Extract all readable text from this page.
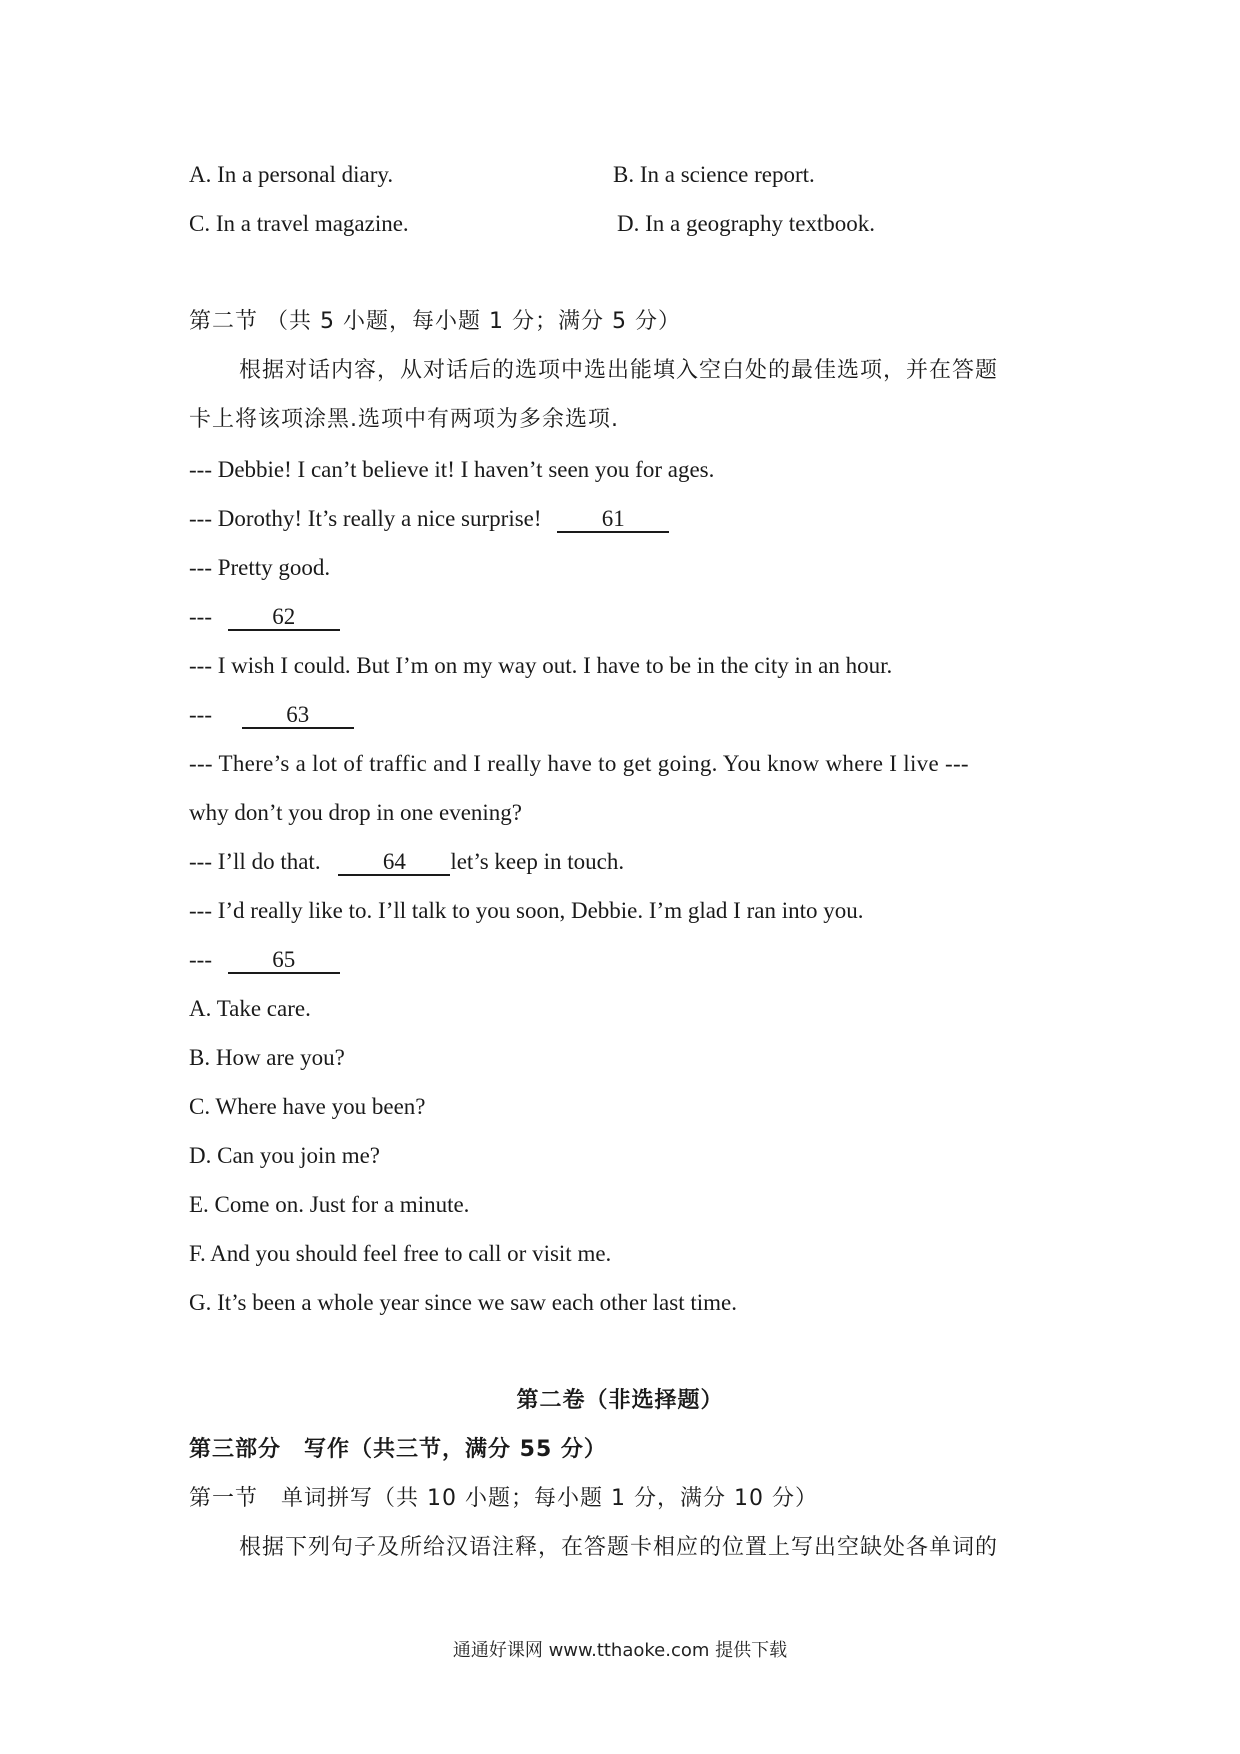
A. In a personal diary.	B. In a science report.
C. In a travel magazine.	D. In a geography textbook.
第二节 （共 5 小题，每小题 1 分；满分 5 分）
根据对话内容，从对话后的选项中选出能填入空白处的最佳选项，并在答题
卡上将该项涂黑.选项中有两项为多余选项.
--- Debbie! I can’t believe it! I haven’t seen you for ages.
--- Dorothy! It’s really a nice surprise!	61
--- Pretty good.
---	62
--- I wish I could. But I’m on my way out. I have to be in the city in an hour.
---	63
--- There’s a lot of traffic and I really have to get going. You know where I live ---
why don’t you drop in one evening?
--- I’ll do that.	64 let’s keep in touch.
--- I’d really like to. I’ll talk to you soon, Debbie. I’m glad I ran into you.
---	65
A. Take care.
B. How are you?
C. Where have you been?
D. Can you join me?
E. Come on. Just for a minute.
F. And you should feel free to call or visit me.
G. It’s been a whole year since we saw each other last time.
第二卷（非选择题）
第三部分　写作（共三节，满分 55 分）
第一节　单词拼写（共 10 小题；每小题 1 分，满分 10 分）
根据下列句子及所给汉语注释，在答题卡相应的位置上写出空缺处各单词的
通通好课网 www.tthaoke.com 提供下载
